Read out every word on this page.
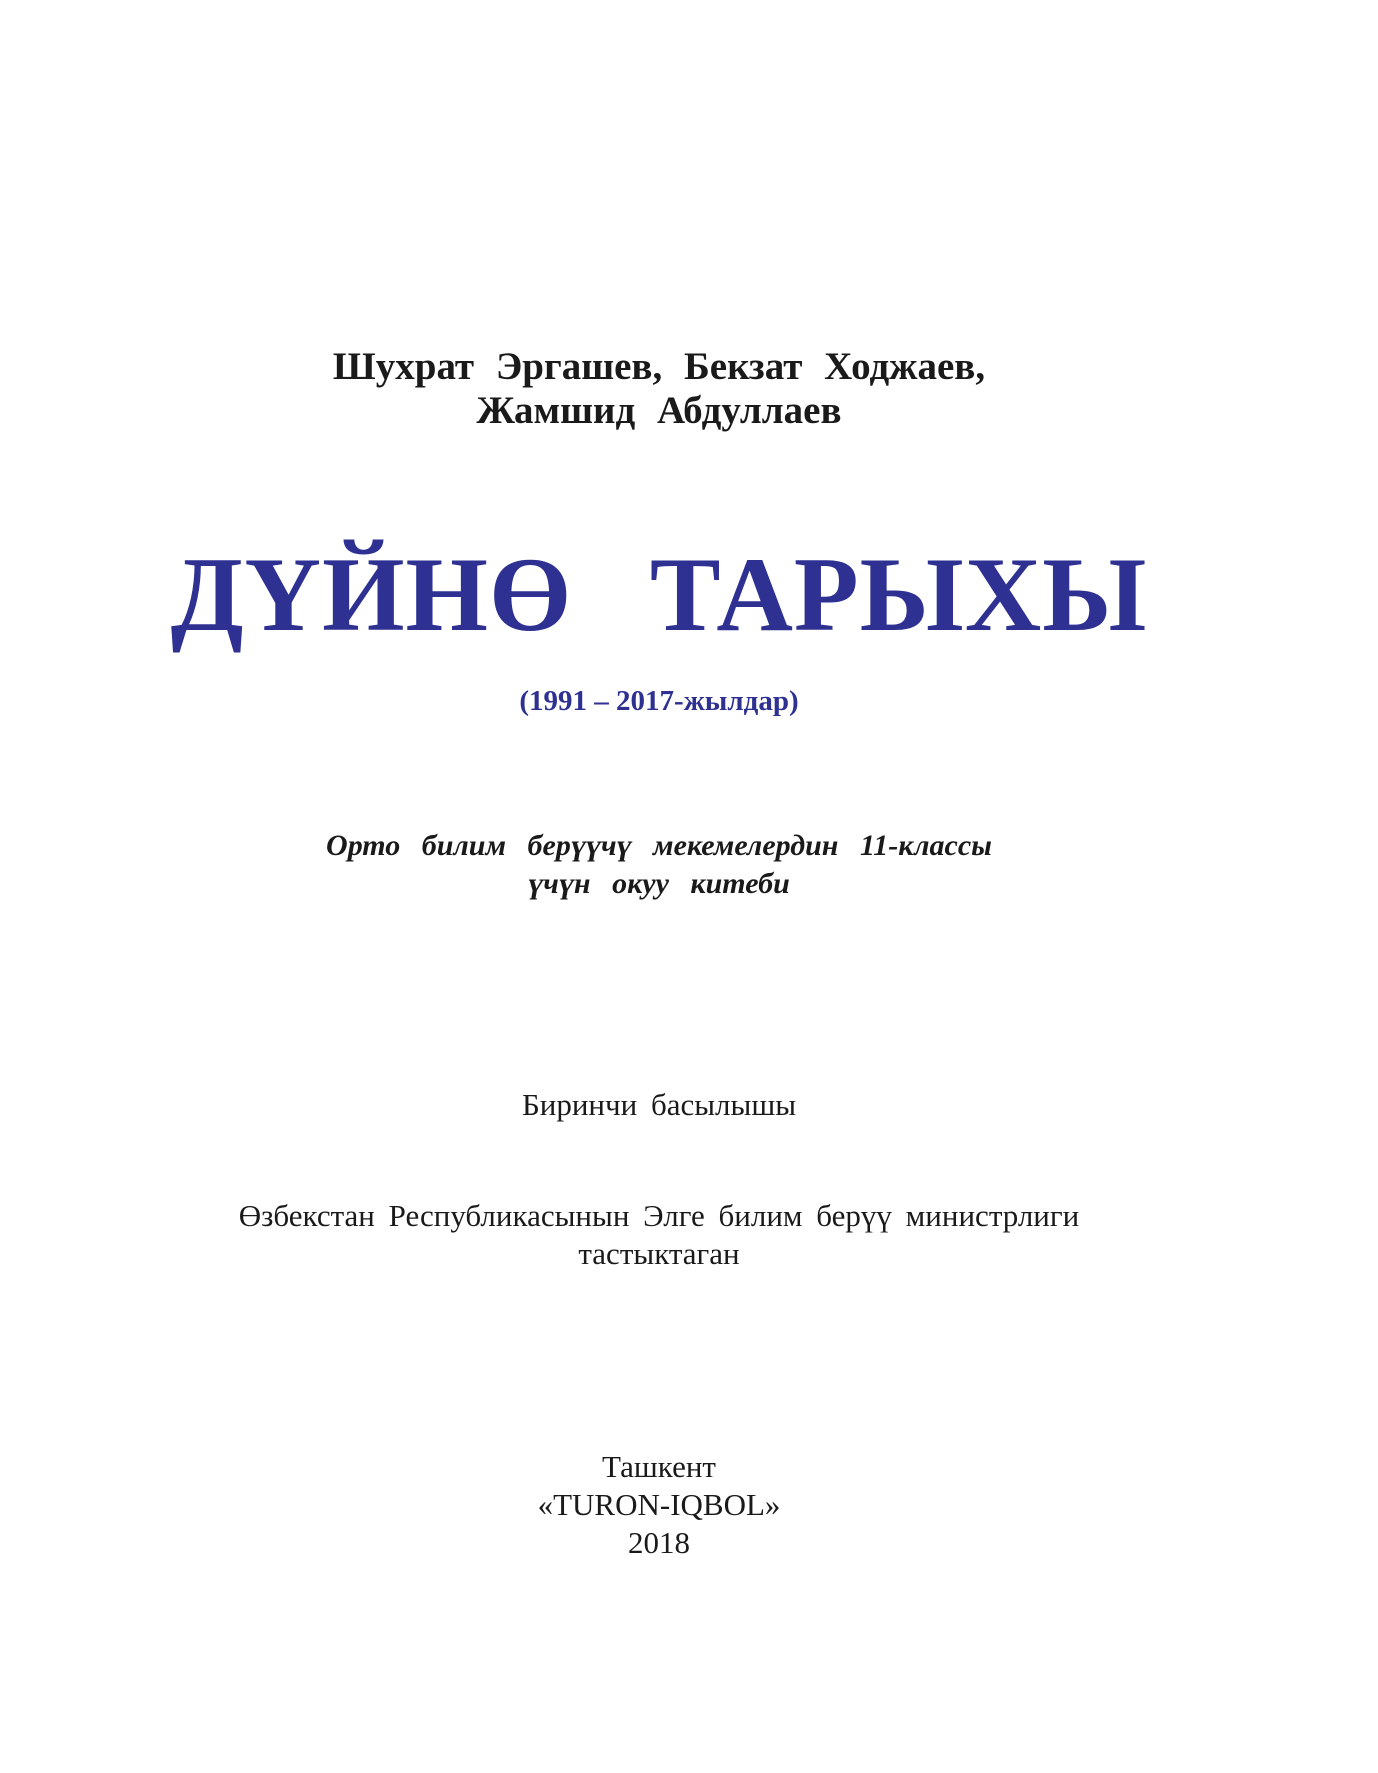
Шухрат Эргашев, Бекзат Ходжаев,
Жамшид Абдуллаев
ДҮЙНӨ ТАРЫХЫ
(1991 – 2017-жылдар)
Орто билим берүүчү мекемелердин 11-классы
үчүн окуу китеби
Биринчи басылышы
Өзбекстан Республикасынын Элге билим берүү министрлиги
тастыктаган
Ташкент
«TURON-IQBOL»
2018
